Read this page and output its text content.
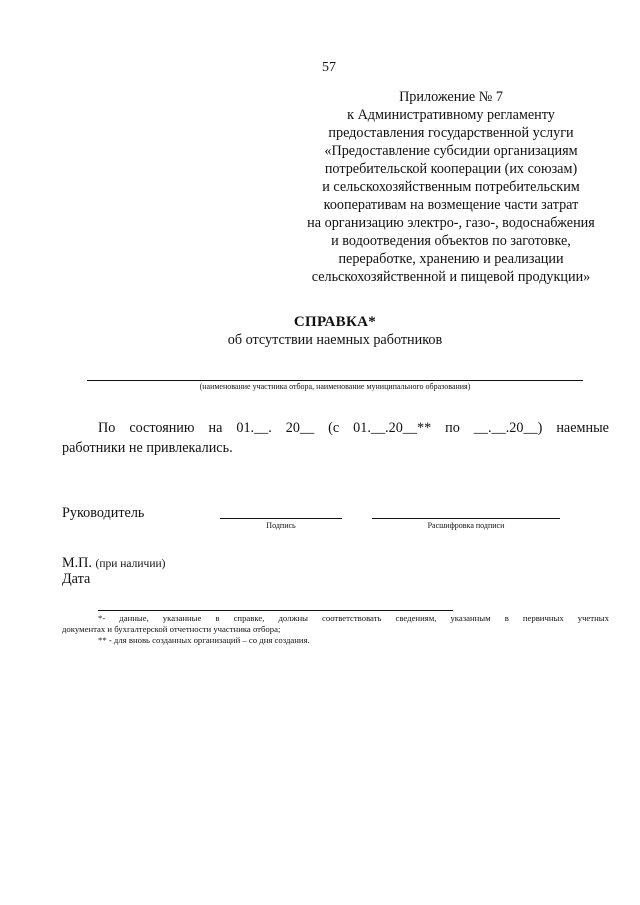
57
Приложение № 7
к Административному регламенту
предоставления государственной услуги
«Предоставление субсидии организациям
потребительской кооперации (их союзам)
и сельскохозяйственным потребительским
кооперативам на возмещение части затрат
на организацию электро-, газо-, водоснабжения
и водоотведения объектов по заготовке,
переработке, хранению и реализации
сельскохозяйственной и пищевой продукции»
СПРАВКА*
об отсутствии наемных работников
(наименование участника отбора, наименование муниципального образования)
По состоянию на 01.__. 20__ (с 01.__.20__** по __.__.20__) наемные
работники не привлекались.
Руководитель
Подпись	Расшифровка подписи
М.П. (при наличии)
Дата
*- данные, указанные в справке, должны соответствовать сведениям, указанным в первичных учетных
документах и бухгалтерской отчетности участника отбора;
** - для вновь созданных организаций – со дня создания.
